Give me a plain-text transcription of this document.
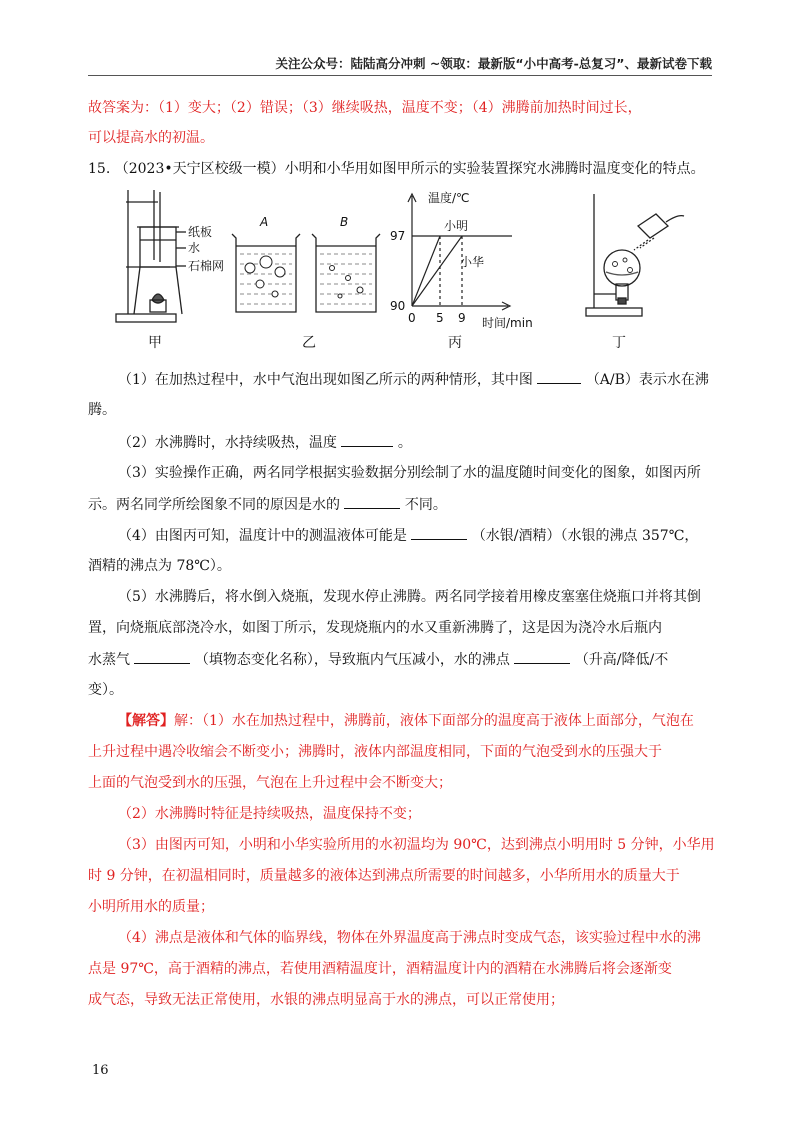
关注公众号：陆陆高分冲刺 ~领取：最新版“小中高考-总复习”、最新试卷下载
故答案为：（1）变大；（2）错误；（3）继续吸热，温度不变；（4）沸腾前加热时间过长，
可以提高水的初温。
15. （2023•天宁区校级一模）小明和小华用如图甲所示的实验装置探究水沸腾时温度变化的特点。
纸板
水
石棉网
A	B
温度/℃
时间/min
97
90
0 5 9
小明
小华
甲	乙	丙	丁
（1）在加热过程中，水中气泡出现如图乙所示的两种情形，其中图	（A/B）表示水在沸
腾。
（2）水沸腾时，水持续吸热，温度	。
（3）实验操作正确，两名同学根据实验数据分别绘制了水的温度随时间变化的图象，如图丙所
示。两名同学所绘图象不同的原因是水的	不同。
（4）由图丙可知，温度计中的测温液体可能是	（水银/酒精）（水银的沸点 357℃，
酒精的沸点为 78℃）。
（5）水沸腾后，将水倒入烧瓶，发现水停止沸腾。两名同学接着用橡皮塞塞住烧瓶口并将其倒
置，向烧瓶底部浇冷水，如图丁所示，发现烧瓶内的水又重新沸腾了，这是因为浇冷水后瓶内
水蒸气	（填物态变化名称），导致瓶内气压减小，水的沸点	（升高/降低/不
变）。
【解答】解：（1）水在加热过程中，沸腾前，液体下面部分的温度高于液体上面部分，气泡在
上升过程中遇冷收缩会不断变小；沸腾时，液体内部温度相同，下面的气泡受到水的压强大于
上面的气泡受到水的压强，气泡在上升过程中会不断变大；
（2）水沸腾时特征是持续吸热，温度保持不变；
（3）由图丙可知，小明和小华实验所用的水初温均为 90℃，达到沸点小明用时 5 分钟，小华用
时 9 分钟，在初温相同时，质量越多的液体达到沸点所需要的时间越多，小华所用水的质量大于
小明所用水的质量；
（4）沸点是液体和气体的临界线，物体在外界温度高于沸点时变成气态，该实验过程中水的沸
点是 97℃，高于酒精的沸点，若使用酒精温度计，酒精温度计内的酒精在水沸腾后将会逐渐变
成气态，导致无法正常使用，水银的沸点明显高于水的沸点，可以正常使用；
16
